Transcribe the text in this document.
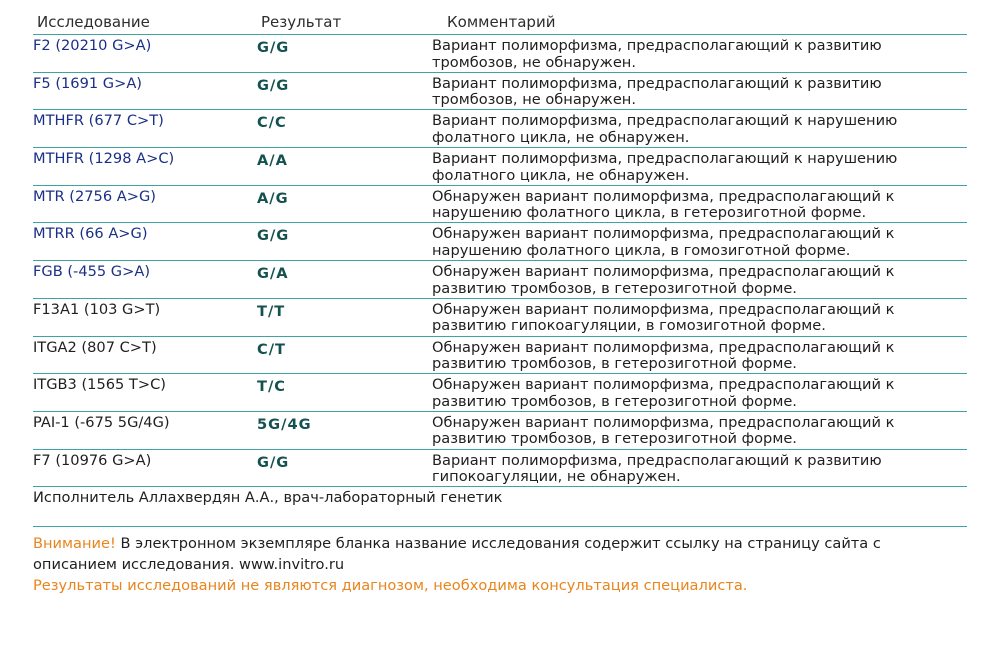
Исследование	Результат	Комментарий
F2 (20210 G>A)	G/G	Вариант полиморфизма, предрасполагающий к развитию
тромбозов, не обнаружен.
F5 (1691 G>A)	G/G	Вариант полиморфизма, предрасполагающий к развитию
тромбозов, не обнаружен.
MTHFR (677 C>T)	C/C	Вариант полиморфизма, предрасполагающий к нарушению
фолатного цикла, не обнаружен.
MTHFR (1298 A>C)	A/A	Вариант полиморфизма, предрасполагающий к нарушению
фолатного цикла, не обнаружен.
MTR (2756 A>G)	A/G	Обнаружен вариант полиморфизма, предрасполагающий к
нарушению фолатного цикла, в гетерозиготной форме.
MTRR (66 A>G)	G/G	Обнаружен вариант полиморфизма, предрасполагающий к
нарушению фолатного цикла, в гомозиготной форме.
FGB (-455 G>A)	G/A	Обнаружен вариант полиморфизма, предрасполагающий к
развитию тромбозов, в гетерозиготной форме.
F13A1 (103 G>T)	T/T	Обнаружен вариант полиморфизма, предрасполагающий к
развитию гипокоагуляции, в гомозиготной форме.
ITGA2 (807 C>T)	C/T	Обнаружен вариант полиморфизма, предрасполагающий к
развитию тромбозов, в гетерозиготной форме.
ITGB3 (1565 T>C)	T/C	Обнаружен вариант полиморфизма, предрасполагающий к
развитию тромбозов, в гетерозиготной форме.
PAI-1 (-675 5G/4G)	5G/4G	Обнаружен вариант полиморфизма, предрасполагающий к
развитию тромбозов, в гетерозиготной форме.
F7 (10976 G>A)	G/G	Вариант полиморфизма, предрасполагающий к развитию
гипокоагуляции, не обнаружен.
Исполнитель Аллахвердян А.А., врач-лабораторный генетик
Внимание! В электронном экземпляре бланка название исследования содержит ссылку на страницу сайта с описанием исследования. www.invitro.ru
Результаты исследований не являются диагнозом, необходима консультация специалиста.
